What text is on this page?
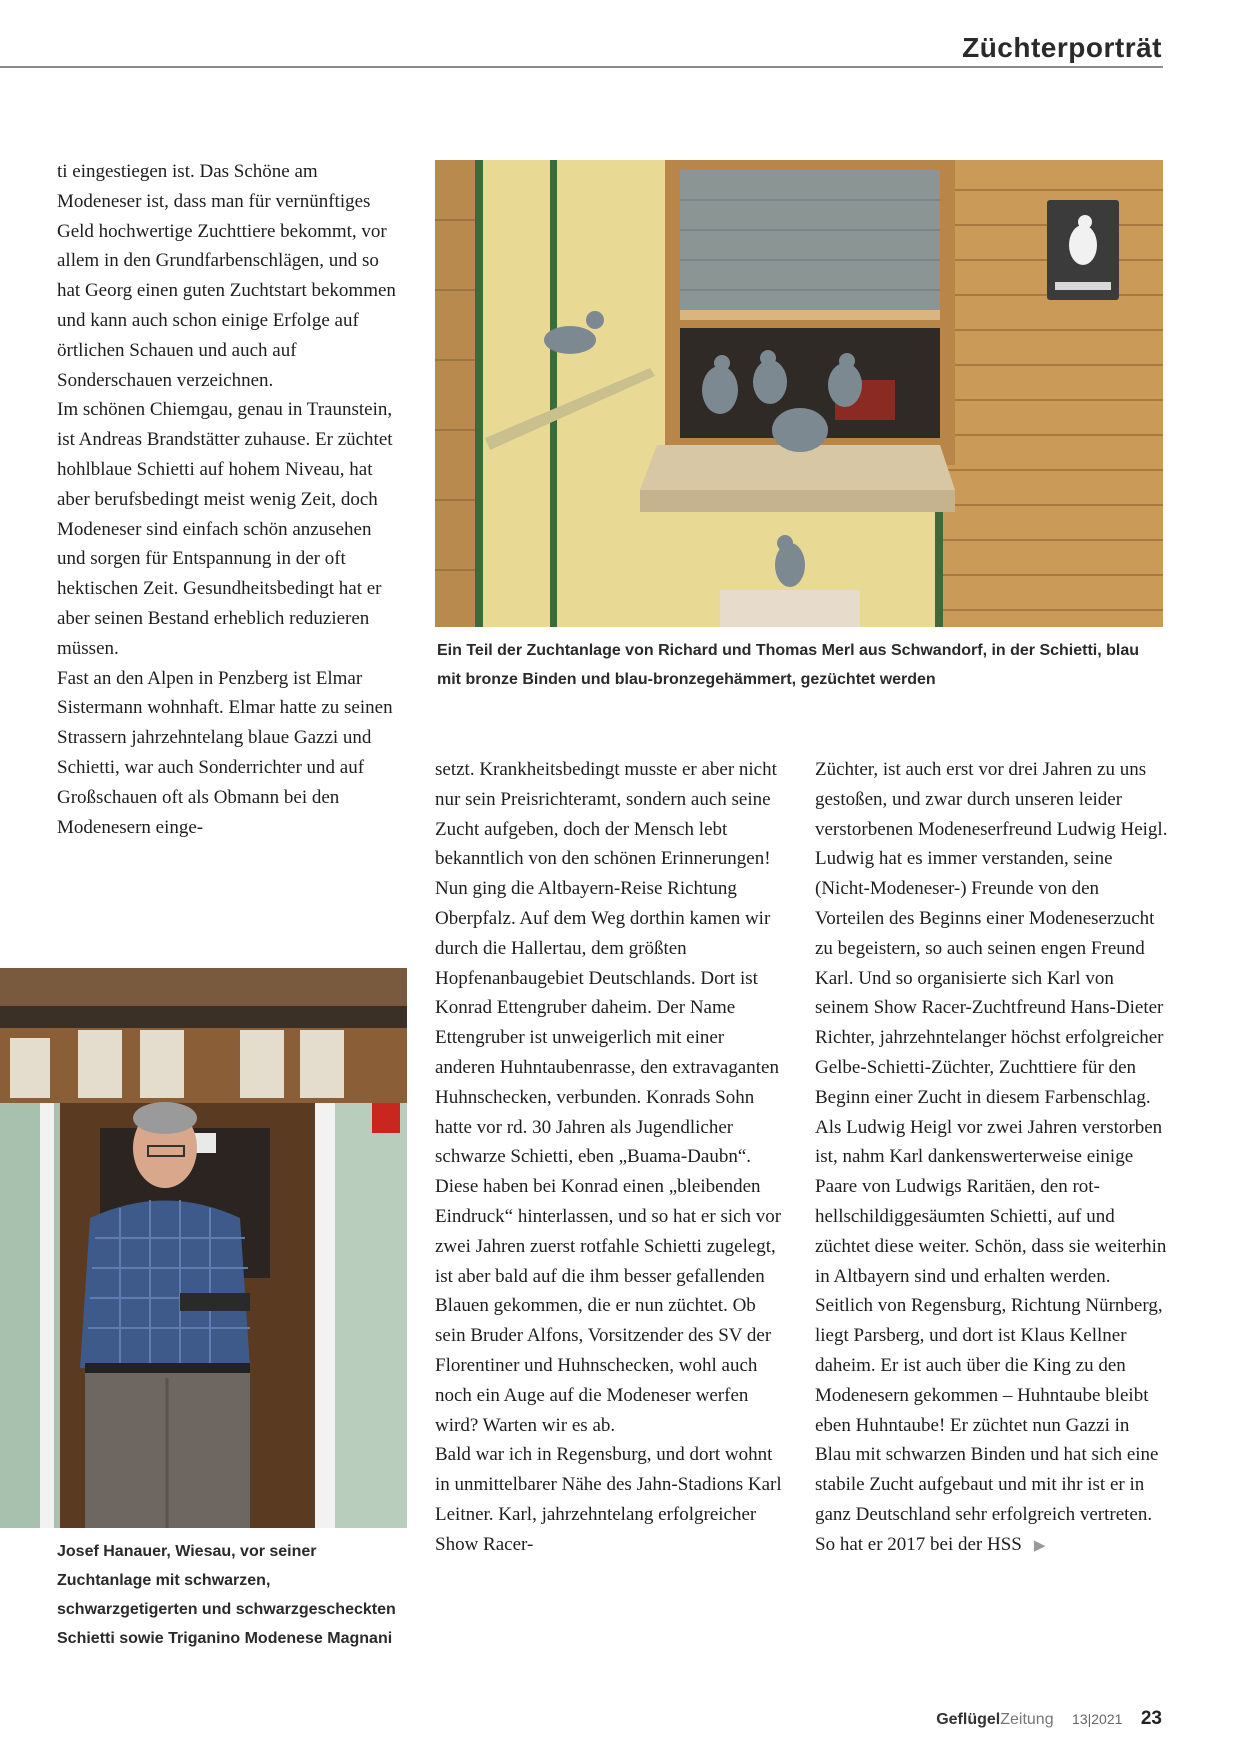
Züchterporträt

Ein Teil der Zuchtanlage von Richard und Thomas Merl aus Schwandorf, in der Schietti, blau mit bronze Binden und blau-bronzegehämmert, gezüchtet werden

Josef Hanauer, Wiesau, vor seiner Zuchtanlage mit schwarzen, schwarzgetigerten und schwarzgescheckten Schietti sowie Triganino Modenese Magnani

ti eingestiegen ist. Das Schöne am Modeneser ist, dass man für vernünftiges Geld hochwertige Zuchttiere bekommt, vor allem in den Grundfarbenschlägen, und so hat Georg einen guten Zuchtstart bekommen und kann auch schon einige Erfolge auf örtlichen Schauen und auch auf Sonderschauen verzeichnen.

Im schönen Chiemgau, genau in Traunstein, ist Andreas Brandstätter zuhause. Er züchtet hohlblaue Schietti auf hohem Niveau, hat aber berufsbedingt meist wenig Zeit, doch Modeneser sind einfach schön anzusehen und sorgen für Entspannung in der oft hektischen Zeit. Gesundheitsbedingt hat er aber seinen Bestand erheblich reduzieren müssen.

Fast an den Alpen in Penzberg ist Elmar Sistermann wohnhaft. Elmar hatte zu seinen Strassern jahrzehntelang blaue Gazzi und Schietti, war auch Sonderrichter und auf Großschauen oft als Obmann bei den Modenesern einge-

setzt. Krankheitsbedingt musste er aber nicht nur sein Preisrichteramt, sondern auch seine Zucht aufgeben, doch der Mensch lebt bekanntlich von den schönen Erinnerungen!

Nun ging die Altbayern-Reise Richtung Oberpfalz. Auf dem Weg dorthin kamen wir durch die Hallertau, dem größten Hopfenanbaugebiet Deutschlands. Dort ist Konrad Ettengruber daheim. Der Name Ettengruber ist unweigerlich mit einer anderen Huhntaubenrasse, den extravaganten Huhnschecken, verbunden. Konrads Sohn hatte vor rd. 30 Jahren als Jugendlicher schwarze Schietti, eben „Buama-Daubn“. Diese haben bei Konrad einen „bleibenden Eindruck“ hinterlassen, und so hat er sich vor zwei Jahren zuerst rotfahle Schietti zugelegt, ist aber bald auf die ihm besser gefallenden Blauen gekommen, die er nun züchtet. Ob sein Bruder Alfons, Vorsitzender des SV der Florentiner und Huhnschecken, wohl auch noch ein Auge auf die Modeneser werfen wird? Warten wir es ab.

Bald war ich in Regensburg, und dort wohnt in unmittelbarer Nähe des Jahn-Stadions Karl Leitner. Karl, jahrzehntelang erfolgreicher Show Racer-

Züchter, ist auch erst vor drei Jahren zu uns gestoßen, und zwar durch unseren leider verstorbenen Modeneserfreund Ludwig Heigl. Ludwig hat es immer verstanden, seine (Nicht-Modeneser-) Freunde von den Vorteilen des Beginns einer Modeneserzucht zu begeistern, so auch seinen engen Freund Karl. Und so organisierte sich Karl von seinem Show Racer-Zuchtfreund Hans-Dieter Richter, jahrzehntelanger höchst erfolgreicher Gelbe-Schietti-Züchter, Zuchttiere für den Beginn einer Zucht in diesem Farbenschlag. Als Ludwig Heigl vor zwei Jahren verstorben ist, nahm Karl dankenswerterweise einige Paare von Ludwigs Raritäen, den rot-hellschildiggesäumten Schietti, auf und züchtet diese weiter. Schön, dass sie weiterhin in Altbayern sind und erhalten werden.

Seitlich von Regensburg, Richtung Nürnberg, liegt Parsberg, und dort ist Klaus Kellner daheim. Er ist auch über die King zu den Modenesern gekommen – Huhntaube bleibt eben Huhntaube! Er züchtet nun Gazzi in Blau mit schwarzen Binden und hat sich eine stabile Zucht aufgebaut und mit ihr ist er in ganz Deutschland sehr erfolgreich vertreten. So hat er 2017 bei der HSS ▶

GeflügelZeitung 13|2021 23
